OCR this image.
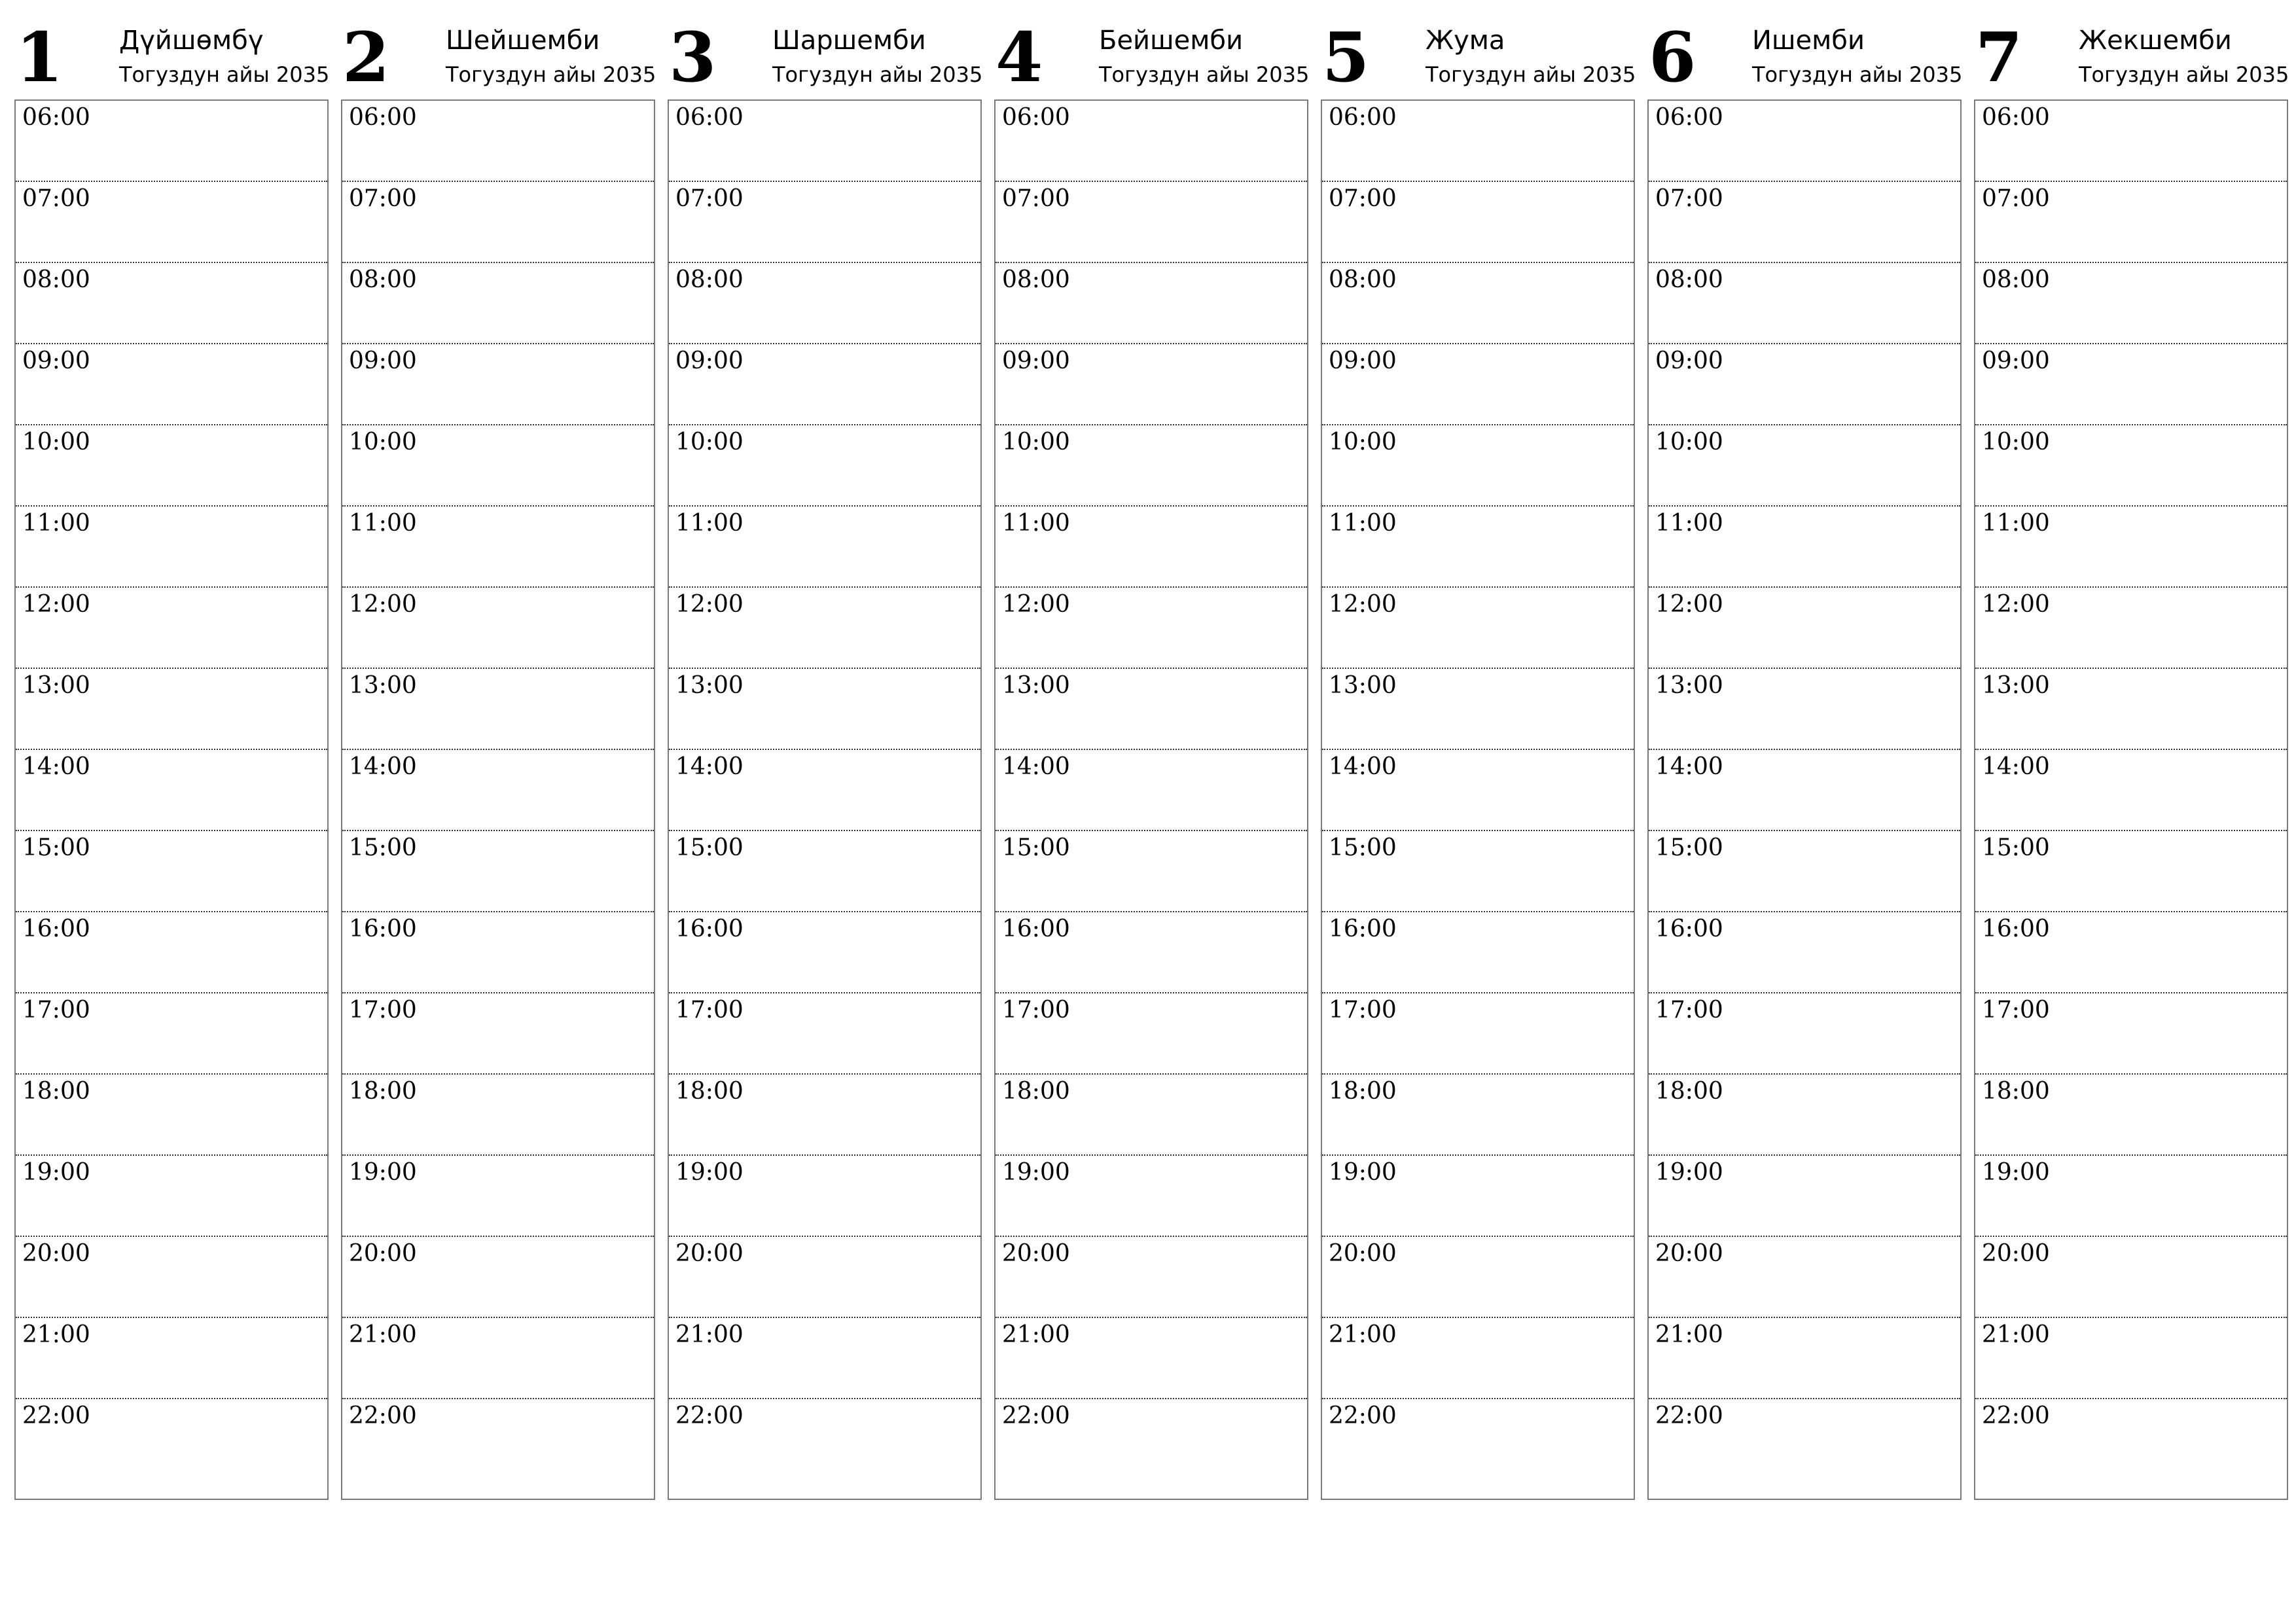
1 Дүйшөмбү
Тогуздун айы 2035
06:00
07:00
08:00
09:00
10:00
11:00
12:00
13:00
14:00
15:00
16:00
17:00
18:00
19:00
20:00
21:00
22:00
2 Шейшемби
Тогуздун айы 2035
06:00
07:00
08:00
09:00
10:00
11:00
12:00
13:00
14:00
15:00
16:00
17:00
18:00
19:00
20:00
21:00
22:00
3 Шаршемби
Тогуздун айы 2035
06:00
07:00
08:00
09:00
10:00
11:00
12:00
13:00
14:00
15:00
16:00
17:00
18:00
19:00
20:00
21:00
22:00
4 Бейшемби
Тогуздун айы 2035
06:00
07:00
08:00
09:00
10:00
11:00
12:00
13:00
14:00
15:00
16:00
17:00
18:00
19:00
20:00
21:00
22:00
5 Жума
Тогуздун айы 2035
06:00
07:00
08:00
09:00
10:00
11:00
12:00
13:00
14:00
15:00
16:00
17:00
18:00
19:00
20:00
21:00
22:00
6 Ишемби
Тогуздун айы 2035
06:00
07:00
08:00
09:00
10:00
11:00
12:00
13:00
14:00
15:00
16:00
17:00
18:00
19:00
20:00
21:00
22:00
7 Жекшемби
Тогуздун айы 2035
06:00
07:00
08:00
09:00
10:00
11:00
12:00
13:00
14:00
15:00
16:00
17:00
18:00
19:00
20:00
21:00
22:00
